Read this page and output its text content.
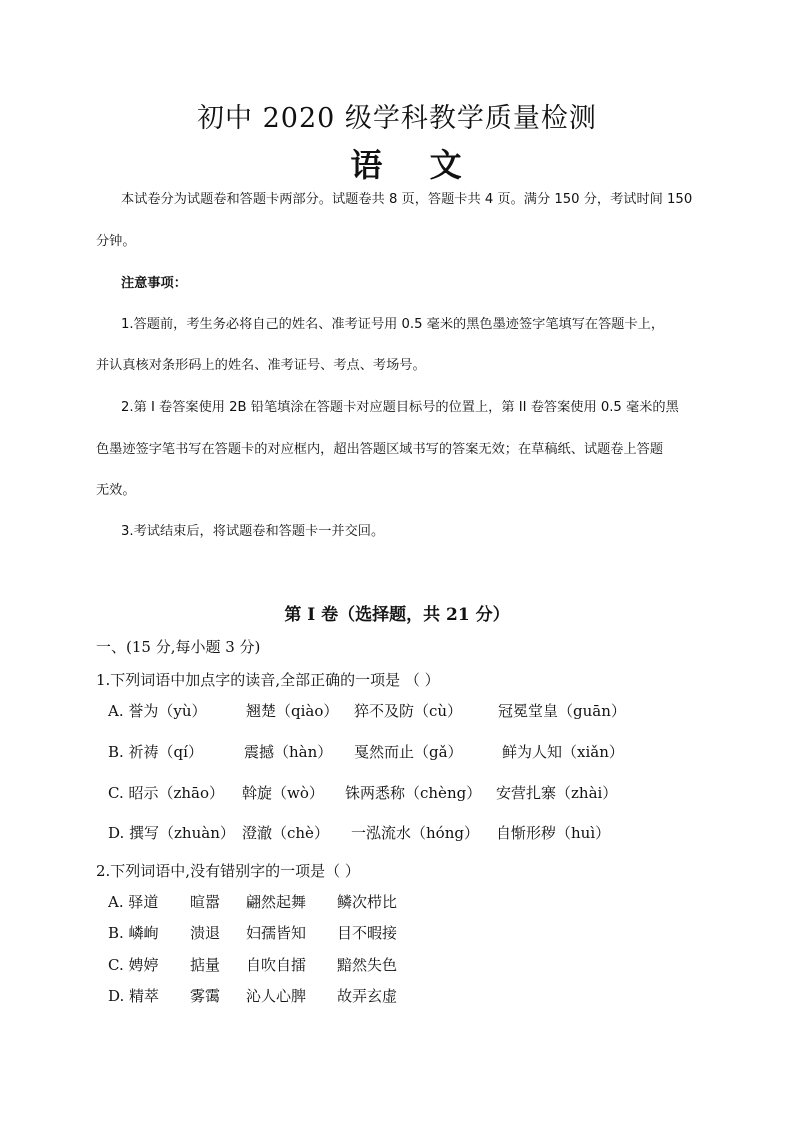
初中 2020 级学科教学质量检测
语 文
本试卷分为试题卷和答题卡两部分。试题卷共 8 页，答题卡共 4 页。满分 150 分，考试时间 150
分钟。
注意事项：
1.答题前，考生务必将自己的姓名、准考证号用 0.5 毫米的黑色墨迹签字笔填写在答题卡上，
并认真核对条形码上的姓名、准考证号、考点、考场号。
2.第 I 卷答案使用 2B 铅笔填涂在答题卡对应题目标号的位置上，第 II 卷答案使用 0.5 毫米的黑
色墨迹签字笔书写在答题卡的对应框内，超出答题区域书写的答案无效；在草稿纸、试题卷上答题
无效。
3.考试结束后，将试题卷和答题卡一并交回。
第 I 卷（选择题，共 21 分）
一、(15 分,每小题 3 分)
1.下列词语中加点字的读音,全部正确的一项是 （ ）
A. 誉为（yù）	翘楚（qiào） 猝不及防（cù） 冠冕堂皇（guān）
B. 祈祷（qí）	震撼（hàn） 戛然而止（gǎ）	鲜为人知（xiǎn）
C. 昭示（zhāo） 斡旋（wò） 铢两悉称（chèng） 安营扎寨（zhài）
D. 撰写（zhuàn） 澄澈（chè） 一泓流水（hóng） 自惭形秽（huì）
2.下列词语中,没有错别字的一项是（ ）
A. 驿道 暄嚣 翩然起舞 鳞次栉比
B. 嶙峋 溃退 妇孺皆知 目不暇接
C. 娉婷 掂量 自吹自擂 黯然失色
D. 精萃 雾霭 沁人心脾 故弄玄虚
